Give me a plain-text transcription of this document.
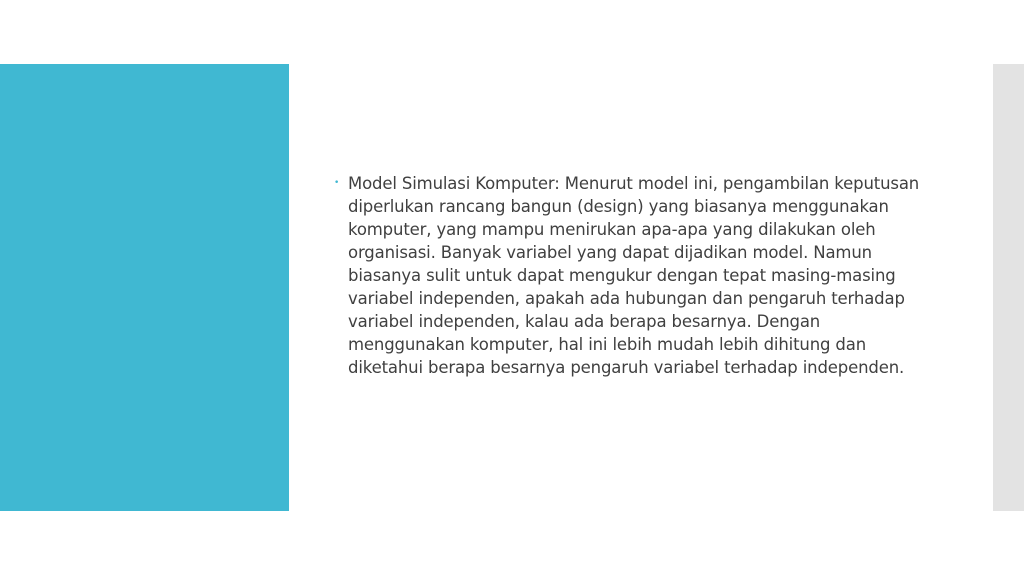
• Model Simulasi Komputer: Menurut model ini, pengambilan keputusan diperlukan rancang bangun (design) yang biasanya menggunakan komputer, yang mampu menirukan apa-apa yang dilakukan oleh organisasi. Banyak variabel yang dapat dijadikan model. Namun biasanya sulit untuk dapat mengukur dengan tepat masing-masing variabel independen, apakah ada hubungan dan pengaruh terhadap variabel independen, kalau ada berapa besarnya. Dengan menggunakan komputer, hal ini lebih mudah lebih dihitung dan diketahui berapa besarnya pengaruh variabel terhadap independen.
